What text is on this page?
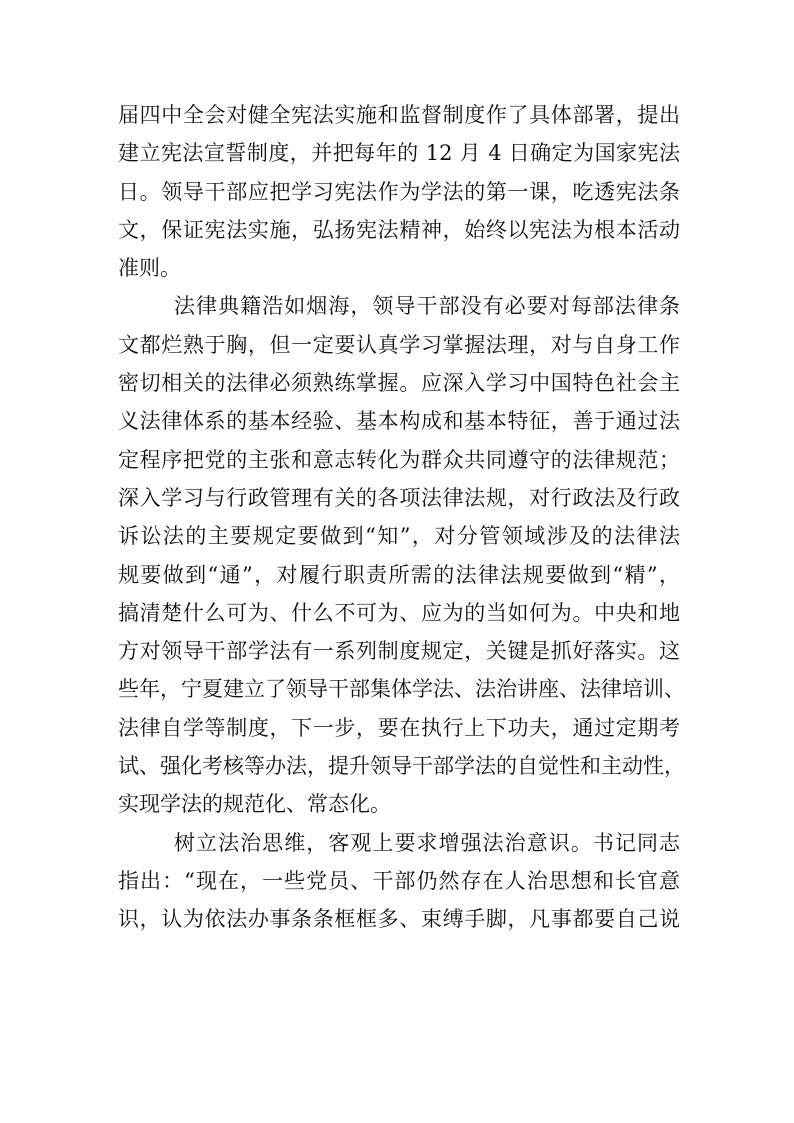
届四中全会对健全宪法实施和监督制度作了具体部署，提出
建立宪法宣誓制度，并把每年的 12 月 4 日确定为国家宪法
日。领导干部应把学习宪法作为学法的第一课，吃透宪法条
文，保证宪法实施，弘扬宪法精神，始终以宪法为根本活动
准则。
法律典籍浩如烟海，领导干部没有必要对每部法律条
文都烂熟于胸，但一定要认真学习掌握法理，对与自身工作
密切相关的法律必须熟练掌握。应深入学习中国特色社会主
义法律体系的基本经验、基本构成和基本特征，善于通过法
定程序把党的主张和意志转化为群众共同遵守的法律规范；
深入学习与行政管理有关的各项法律法规，对行政法及行政
诉讼法的主要规定要做到“知”，对分管领域涉及的法律法
规要做到“通”，对履行职责所需的法律法规要做到“精”，
搞清楚什么可为、什么不可为、应为的当如何为。中央和地
方对领导干部学法有一系列制度规定，关键是抓好落实。这
些年，宁夏建立了领导干部集体学法、法治讲座、法律培训、
法律自学等制度，下一步，要在执行上下功夫，通过定期考
试、强化考核等办法，提升领导干部学法的自觉性和主动性，
实现学法的规范化、常态化。
树立法治思维，客观上要求增强法治意识。书记同志
指出：“现在，一些党员、干部仍然存在人治思想和长官意
识，认为依法办事条条框框多、束缚手脚，凡事都要自己说
